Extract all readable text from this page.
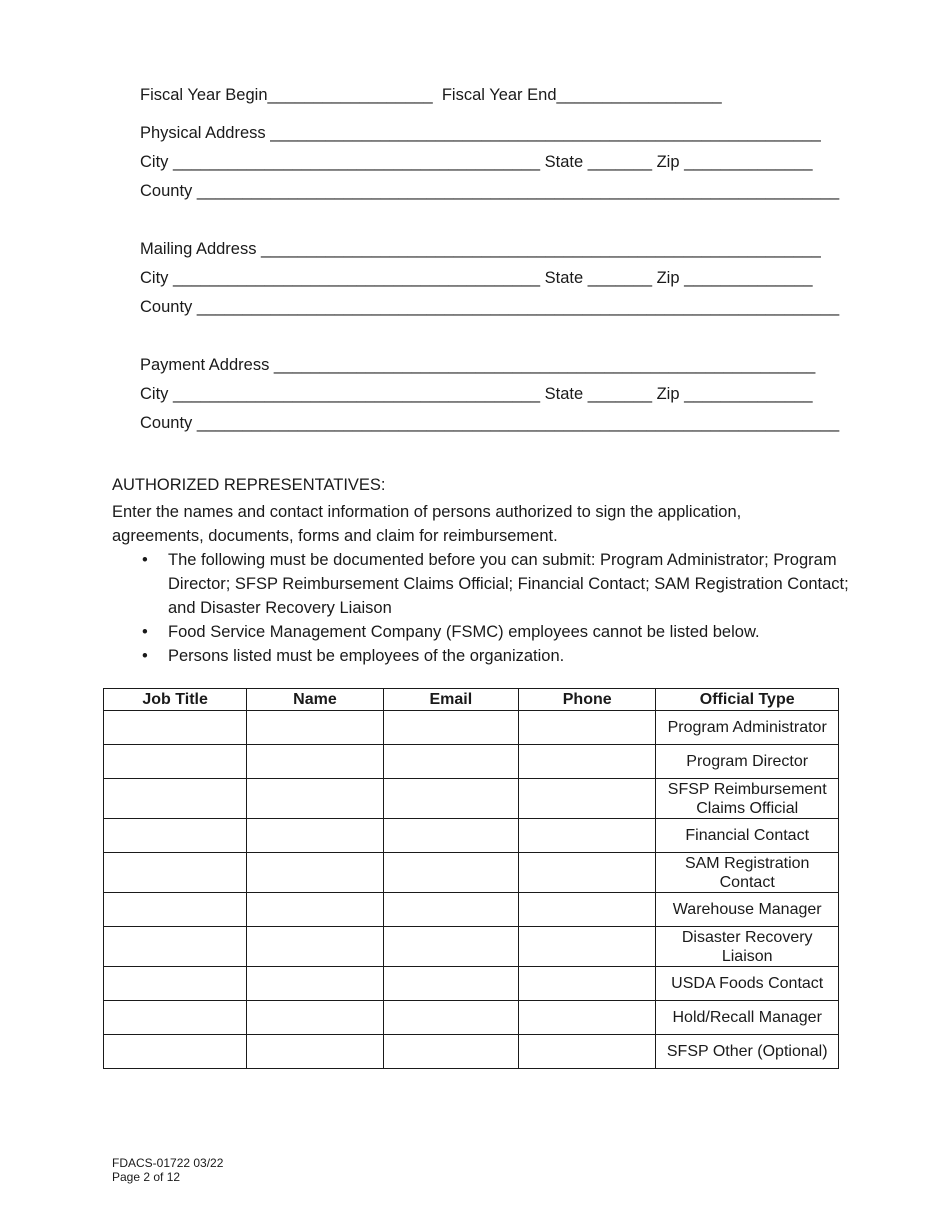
Fiscal Year Begin__________________  Fiscal Year End__________________
Physical Address ____________________________________________________________
City ________________________________________ State _______ Zip ______________
County ______________________________________________________________________
Mailing Address _____________________________________________________________
City ________________________________________ State _______ Zip ______________
County ______________________________________________________________________
Payment Address ___________________________________________________________
City ________________________________________ State _______ Zip ______________
County ______________________________________________________________________
AUTHORIZED REPRESENTATIVES:
Enter the names and contact information of persons authorized to sign the application, agreements, documents, forms and claim for reimbursement.
• The following must be documented before you can submit: Program Administrator; Program Director; SFSP Reimbursement Claims Official; Financial Contact; SAM Registration Contact; and Disaster Recovery Liaison
• Food Service Management Company (FSMC) employees cannot be listed below.
• Persons listed must be employees of the organization.
Job Title	Name	Email	Phone	Official Type
				Program Administrator
				Program Director
				SFSP Reimbursement Claims Official
				Financial Contact
				SAM Registration Contact
				Warehouse Manager
				Disaster Recovery Liaison
				USDA Foods Contact
				Hold/Recall Manager
				SFSP Other (Optional)
FDACS-01722 03/22
Page 2 of 12
